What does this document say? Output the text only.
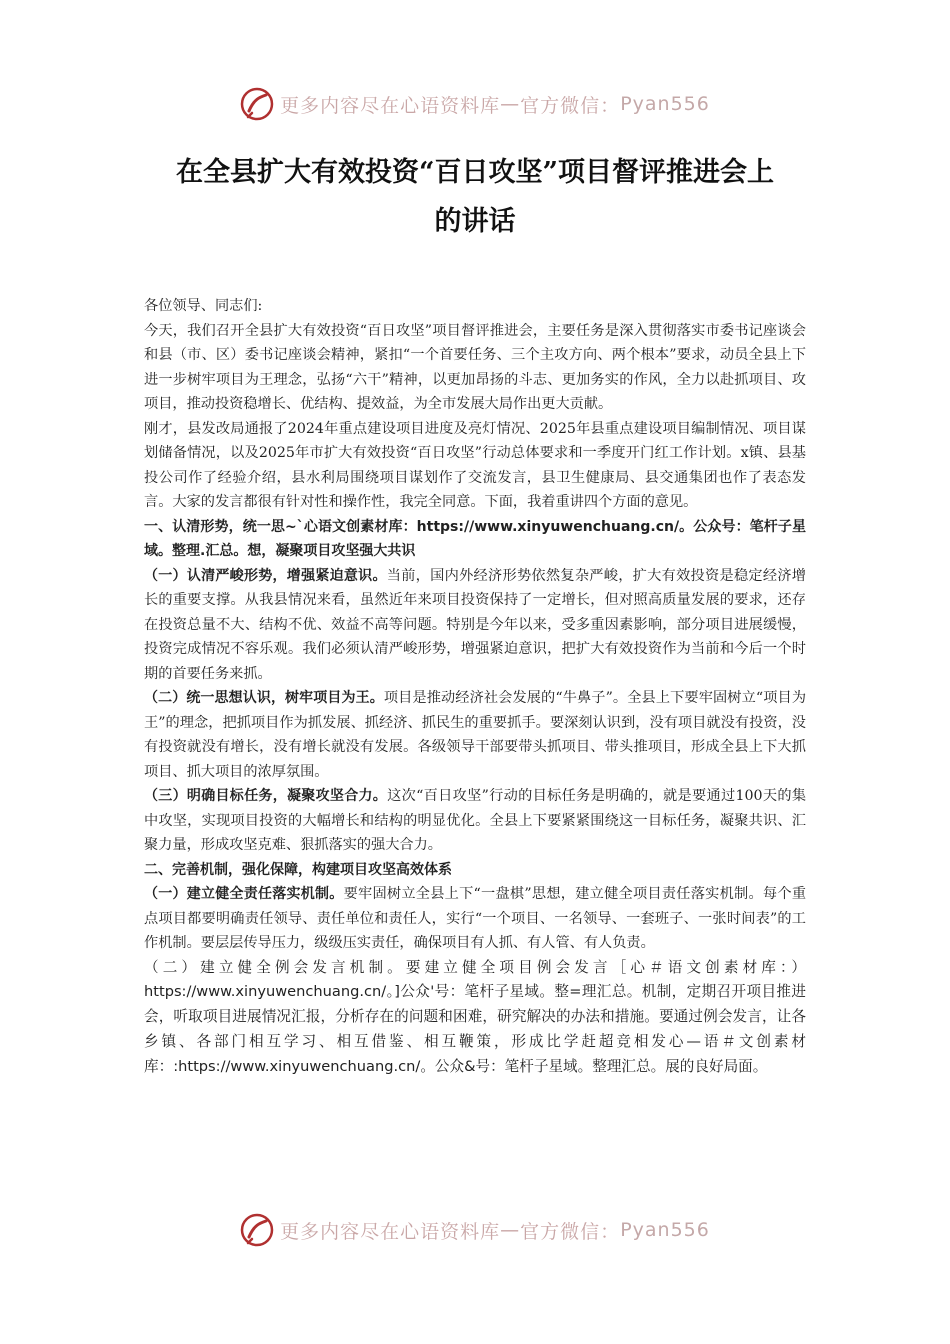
更多内容尽在心语资料库 — 官方微信： Pyan556
在全县扩大有效投资“百日攻坚”项目督评推进会上
的讲话

各位领导、同志们:

今天，我们召开全县扩大有效投资“百日攻坚”项目督评推进会，主要任务是深入贯彻落实市委书记座谈会和县（市、区）委书记座谈会精神，紧扣“一个首要任务、三个主攻方向、两个根本”要求，动员全县上下进一步树牢项目为王理念，弘扬“六干”精神，以更加昂扬的斗志、更加务实的作风，全力以赴抓项目、攻项目，推动投资稳增长、优结构、提效益，为全市发展大局作出更大贡献。

刚才，县发改局通报了2024年重点建设项目进度及亮灯情况、2025年县重点建设项目编制情况、项目谋划储备情况，以及2025年市扩大有效投资“百日攻坚”行动总体要求和一季度开门红工作计划。x镇、县基投公司作了经验介绍，县水利局围绕项目谋划作了交流发言，县卫生健康局、县交通集团也作了表态发言。大家的发言都很有针对性和操作性，我完全同意。下面，我着重讲四个方面的意见。

一、认清形势，统一思~`心语文创素材库：https://www.xinyuwenchuang.cn/。公众号：笔杆子星域。整理.汇总。想，凝聚项目攻坚强大共识

（一）认清严峻形势，增强紧迫意识。当前，国内外经济形势依然复杂严峻，扩大有效投资是稳定经济增长的重要支撑。从我县情况来看，虽然近年来项目投资保持了一定增长，但对照高质量发展的要求，还存在投资总量不大、结构不优、效益不高等问题。特别是今年以来，受多重因素影响，部分项目进展缓慢，投资完成情况不容乐观。我们必须认清严峻形势，增强紧迫意识，把扩大有效投资作为当前和今后一个时期的首要任务来抓。

（二）统一思想认识，树牢项目为王。项目是推动经济社会发展的“牛鼻子”。全县上下要牢固树立“项目为王”的理念，把抓项目作为抓发展、抓经济、抓民生的重要抓手。要深刻认识到，没有项目就没有投资，没有投资就没有增长，没有增长就没有发展。各级领导干部要带头抓项目、带头推项目，形成全县上下大抓项目、抓大项目的浓厚氛围。

（三）明确目标任务，凝聚攻坚合力。这次“百日攻坚”行动的目标任务是明确的，就是要通过100天的集中攻坚，实现项目投资的大幅增长和结构的明显优化。全县上下要紧紧围绕这一目标任务，凝聚共识、汇聚力量，形成攻坚克难、狠抓落实的强大合力。

二、完善机制，强化保障，构建项目攻坚高效体系

（一）建立健全责任落实机制。要牢固树立全县上下“一盘棋”思想，建立健全项目责任落实机制。每个重点项目都要明确责任领导、责任单位和责任人，实行“一个项目、一名领导、一套班子、一张时间表”的工作机制。要层层传导压力，级级压实责任，确保项目有人抓、有人管、有人负责。

（二）建立健全例会发言机制。要建立健全项目例会发言［心＃语文创素材库：）https://www.xinyuwenchuang.cn/。]公众'号：笔杆子星域。整=理汇总。机制，定期召开项目推进会，听取项目进展情况汇报，分析存在的问题和困难，研究解决的办法和措施。要通过例会发言，让各乡镇、各部门相互学习、相互借鉴、相互鞭策，形成比学赶超竞相发心—语＃文创素材库：:https://www.xinyuwenchuang.cn/。公众&号：笔杆子星域。整理汇总。展的良好局面。

更多内容尽在心语资料库 — 官方微信： Pyan556
